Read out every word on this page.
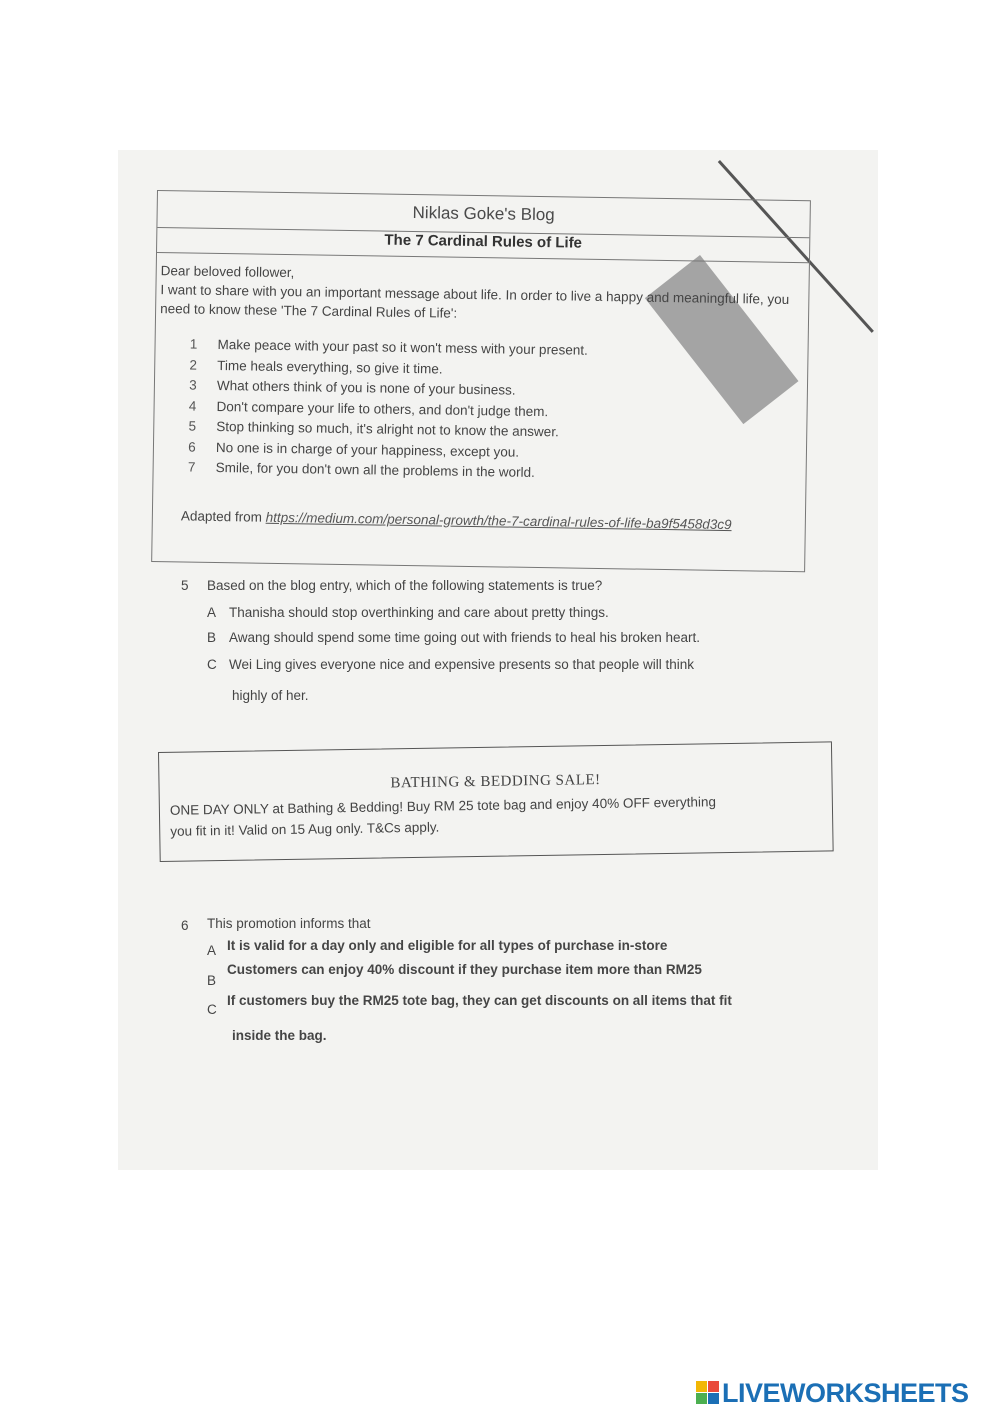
Niklas Goke's Blog
The 7 Cardinal Rules of Life

Dear beloved follower,

I want to share with you an important message about life. In order to live a happy and meaningful life, you need to know these 'The 7 Cardinal Rules of Life':

1	Make peace with your past so it won't mess with your present.
2	Time heals everything, so give it time.
3	What others think of you is none of your business.
4	Don't compare your life to others, and don't judge them.
5	Stop thinking so much, it's alright not to know the answer.
6	No one is in charge of your happiness, except you.
7	Smile, for you don't own all the problems in the world.
Adapted from https://medium.com/personal-growth/the-7-cardinal-rules-of-life-ba9f5458d3c9
5 Based on the blog entry, which of the following statements is true?
A Thanisha should stop overthinking and care about pretty things.
B Awang should spend some time going out with friends to heal his broken heart.
C Wei Ling gives everyone nice and expensive presents so that people will think
highly of her.
BATHING & BEDDING SALE!
ONE DAY ONLY at Bathing & Bedding! Buy RM 25 tote bag and enjoy 40% OFF everything
you fit in it! Valid on 15 Aug only. T&Cs apply.
6 This promotion informs that
A It is valid for a day only and eligible for all types of purchase in-store
B
Customers can enjoy 40% discount if they purchase item more than RM25
C
If customers buy the RM25 tote bag, they can get discounts on all items that fit
inside the bag.
LIVEWORKSHEETS
